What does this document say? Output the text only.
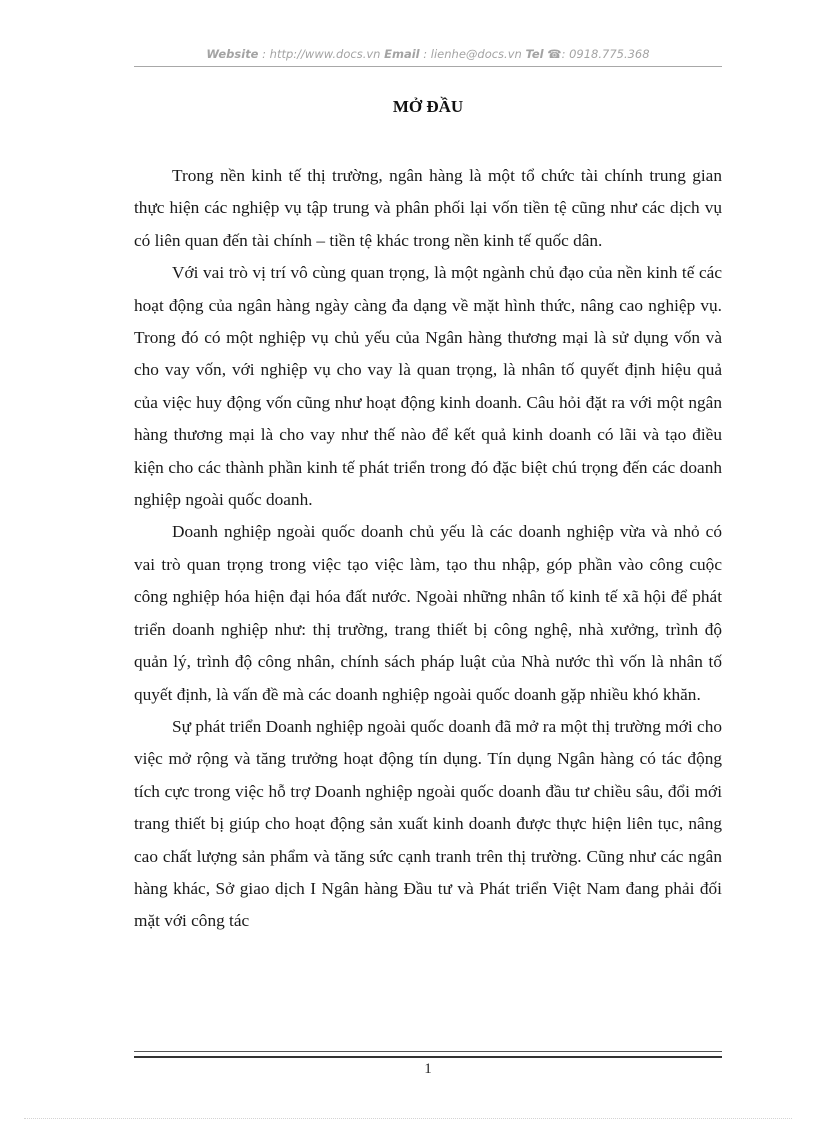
Website : http://www.docs.vn Email : lienhe@docs.vn Tel ☎: 0918.775.368
MỞ ĐẦU

Trong nền kinh tế thị trường, ngân hàng là một tổ chức tài chính trung gian thực hiện các nghiệp vụ tập trung và phân phối lại vốn tiền tệ cũng như các dịch vụ có liên quan đến tài chính – tiền tệ khác trong nền kinh tế quốc dân.

Với vai trò vị trí vô cùng quan trọng, là một ngành chủ đạo của nền kinh tế các hoạt động của ngân hàng ngày càng đa dạng về mặt hình thức, nâng cao nghiệp vụ. Trong đó có một nghiệp vụ chủ yếu của Ngân hàng thương mại là sử dụng vốn và cho vay vốn, với nghiệp vụ cho vay là quan trọng, là nhân tố quyết định hiệu quả của việc huy động vốn cũng như hoạt động kinh doanh. Câu hỏi đặt ra với một ngân hàng thương mại là cho vay như thế nào để kết quả kinh doanh có lãi và tạo điều kiện cho các thành phần kinh tế phát triển trong đó đặc biệt chú trọng đến các doanh nghiệp ngoài quốc doanh.

Doanh nghiệp ngoài quốc doanh chủ yếu là các doanh nghiệp vừa và nhỏ có vai trò quan trọng trong việc tạo việc làm, tạo thu nhập, góp phần vào công cuộc công nghiệp hóa hiện đại hóa đất nước. Ngoài những nhân tố kinh tế xã hội để phát triển doanh nghiệp như: thị trường, trang thiết bị công nghệ, nhà xưởng, trình độ quản lý, trình độ công nhân, chính sách pháp luật của Nhà nước thì vốn là nhân tố quyết định, là vấn đề mà các doanh nghiệp ngoài quốc doanh gặp nhiều khó khăn.

Sự phát triển Doanh nghiệp ngoài quốc doanh đã mở ra một thị trường mới cho việc mở rộng và tăng trưởng hoạt động tín dụng. Tín dụng Ngân hàng có tác động tích cực trong việc hỗ trợ Doanh nghiệp ngoài quốc doanh đầu tư chiều sâu, đổi mới trang thiết bị giúp cho hoạt động sản xuất kinh doanh được thực hiện liên tục, nâng cao chất lượng sản phẩm và tăng sức cạnh tranh trên thị trường. Cũng như các ngân hàng khác, Sở giao dịch I Ngân hàng Đầu tư và Phát triển Việt Nam đang phải đối mặt với công tác

1
